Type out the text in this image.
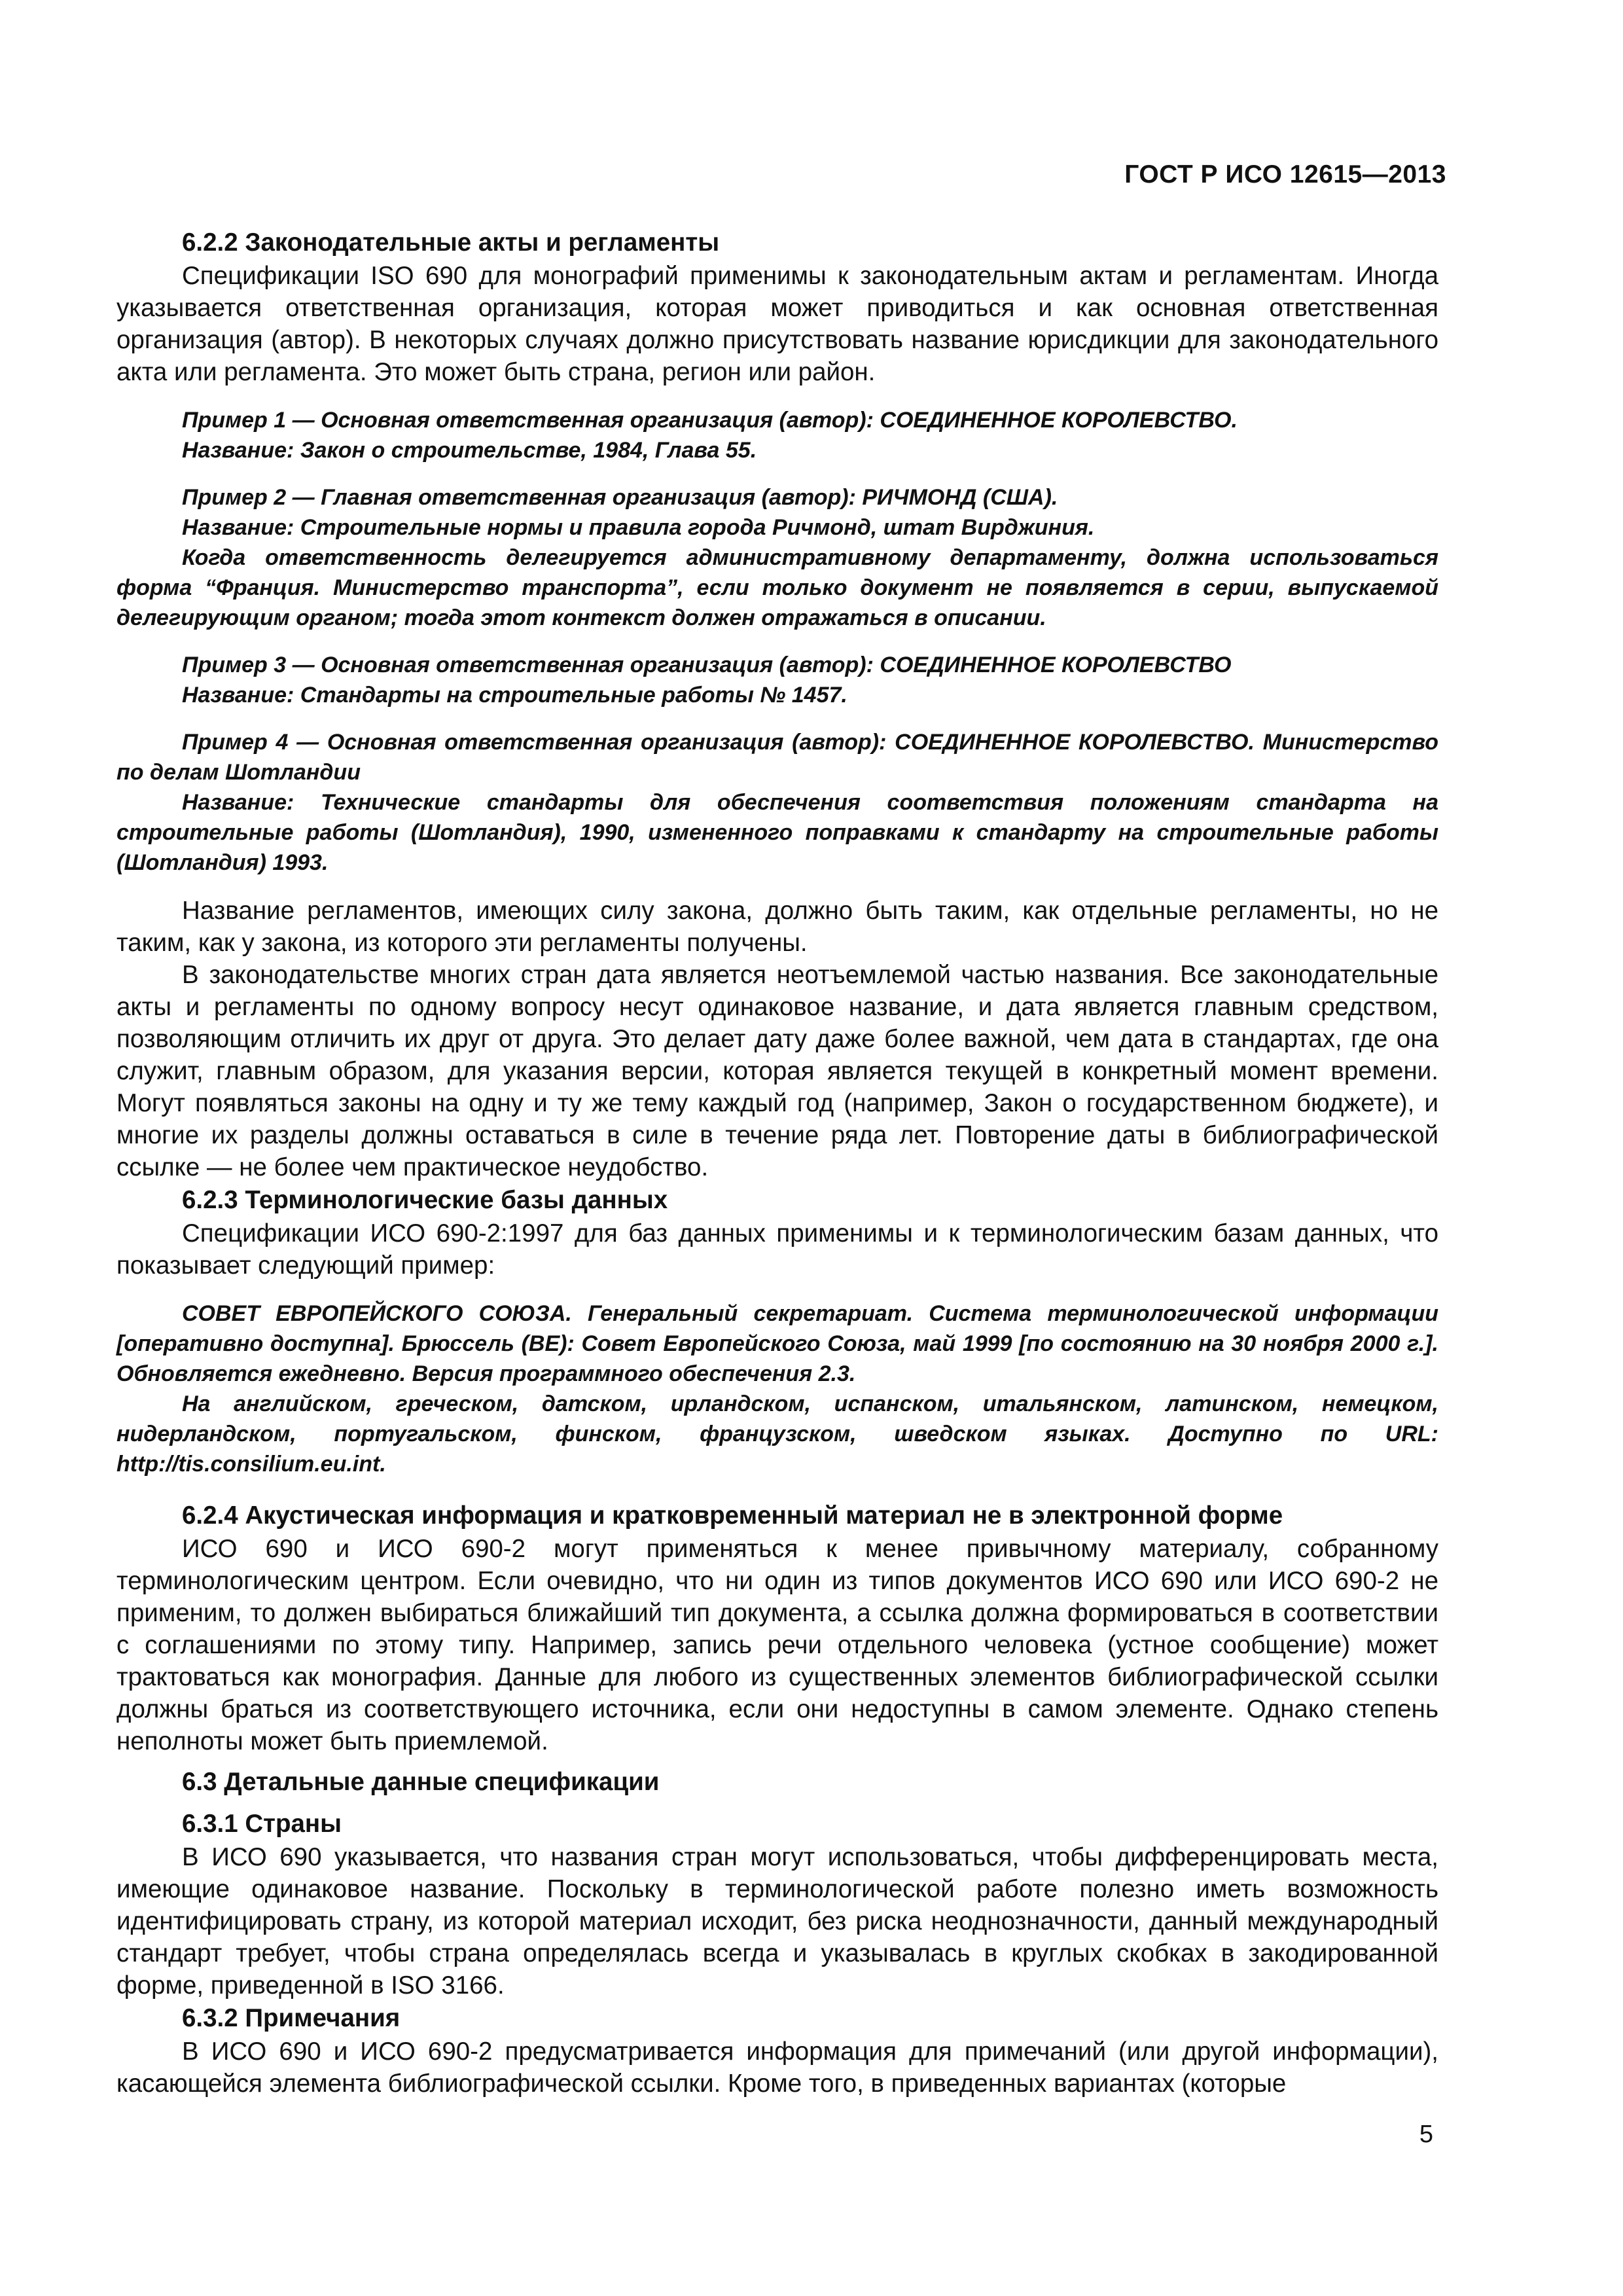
ГОСТ Р ИСО 12615—2013
6.2.2 Законодательные акты и регламенты

Спецификации ISO 690 для монографий применимы к законодательным актам и регламентам. Иногда указывается ответственная организация, которая может приводиться и как основная ответственная организация (автор). В некоторых случаях должно присутствовать название юрисдикции для законодательного акта или регламента. Это может быть страна, регион или район.

Пример 1 — Основная ответственная организация (автор): СОЕДИНЕННОЕ КОРОЛЕВСТВО.

Название: Закон о строительстве, 1984, Глава 55.

Пример 2 — Главная ответственная организация (автор): РИЧМОНД (США).

Название: Строительные нормы и правила города Ричмонд, штат Вирджиния.

Когда ответственность делегируется административному департаменту, должна использоваться форма “Франция. Министерство транспорта”, если только документ не появляется в серии, выпускаемой делегирующим органом; тогда этот контекст должен отражаться в описании.

Пример 3 — Основная ответственная организация (автор): СОЕДИНЕННОЕ КОРОЛЕВСТВО

Название: Стандарты на строительные работы № 1457.

Пример 4 — Основная ответственная организация (автор): СОЕДИНЕННОЕ КОРОЛЕВСТВО. Министерство по делам Шотландии

Название: Технические стандарты для обеспечения соответствия положениям стандарта на строительные работы (Шотландия), 1990, измененного поправками к стандарту на строительные работы (Шотландия) 1993.

Название регламентов, имеющих силу закона, должно быть таким, как отдельные регламенты, но не таким, как у закона, из которого эти регламенты получены.

В законодательстве многих стран дата является неотъемлемой частью названия. Все законодательные акты и регламенты по одному вопросу несут одинаковое название, и дата является главным средством, позволяющим отличить их друг от друга. Это делает дату даже более важной, чем дата в стандартах, где она служит, главным образом, для указания версии, которая является текущей в конкретный момент времени. Могут появляться законы на одну и ту же тему каждый год (например, Закон о государственном бюджете), и многие их разделы должны оставаться в силе в течение ряда лет. Повторение даты в библиографической ссылке — не более чем практическое неудобство.

6.2.3 Терминологические базы данных

Спецификации ИСО 690-2:1997 для баз данных применимы и к терминологическим базам данных, что показывает следующий пример:

СОВЕТ ЕВРОПЕЙСКОГО СОЮЗА. Генеральный секретариат. Система терминологической информации [оперативно доступна]. Брюссель (BE): Совет Европейского Союза, май 1999 [по состоянию на 30 ноября 2000 г.]. Обновляется ежедневно. Версия программного обеспечения 2.3.

На английском, греческом, датском, ирландском, испанском, итальянском, латинском, немецком, нидерландском, португальском, финском, французском, шведском языках. Доступно по URL: http://tis.consilium.eu.int.

6.2.4 Акустическая информация и кратковременный материал не в электронной форме

ИСО 690 и ИСО 690-2 могут применяться к менее привычному материалу, собранному терминологическим центром. Если очевидно, что ни один из типов документов ИСО 690 или ИСО 690-2 не применим, то должен выбираться ближайший тип документа, а ссылка должна формироваться в соответствии с соглашениями по этому типу. Например, запись речи отдельного человека (устное сообщение) может трактоваться как монография. Данные для любого из существенных элементов библиографической ссылки должны браться из соответствующего источника, если они недоступны в самом элементе. Однако степень неполноты может быть приемлемой.

6.3 Детальные данные спецификации
6.3.1 Страны

В ИСО 690 указывается, что названия стран могут использоваться, чтобы дифференцировать места, имеющие одинаковое название. Поскольку в терминологической работе полезно иметь возможность идентифицировать страну, из которой материал исходит, без риска неоднозначности, данный международный стандарт требует, чтобы страна определялась всегда и указывалась в круглых скобках в закодированной форме, приведенной в ISO 3166.

6.3.2 Примечания

В ИСО 690 и ИСО 690-2 предусматривается информация для примечаний (или другой информации), касающейся элемента библиографической ссылки. Кроме того, в приведенных вариантах (которые

5
